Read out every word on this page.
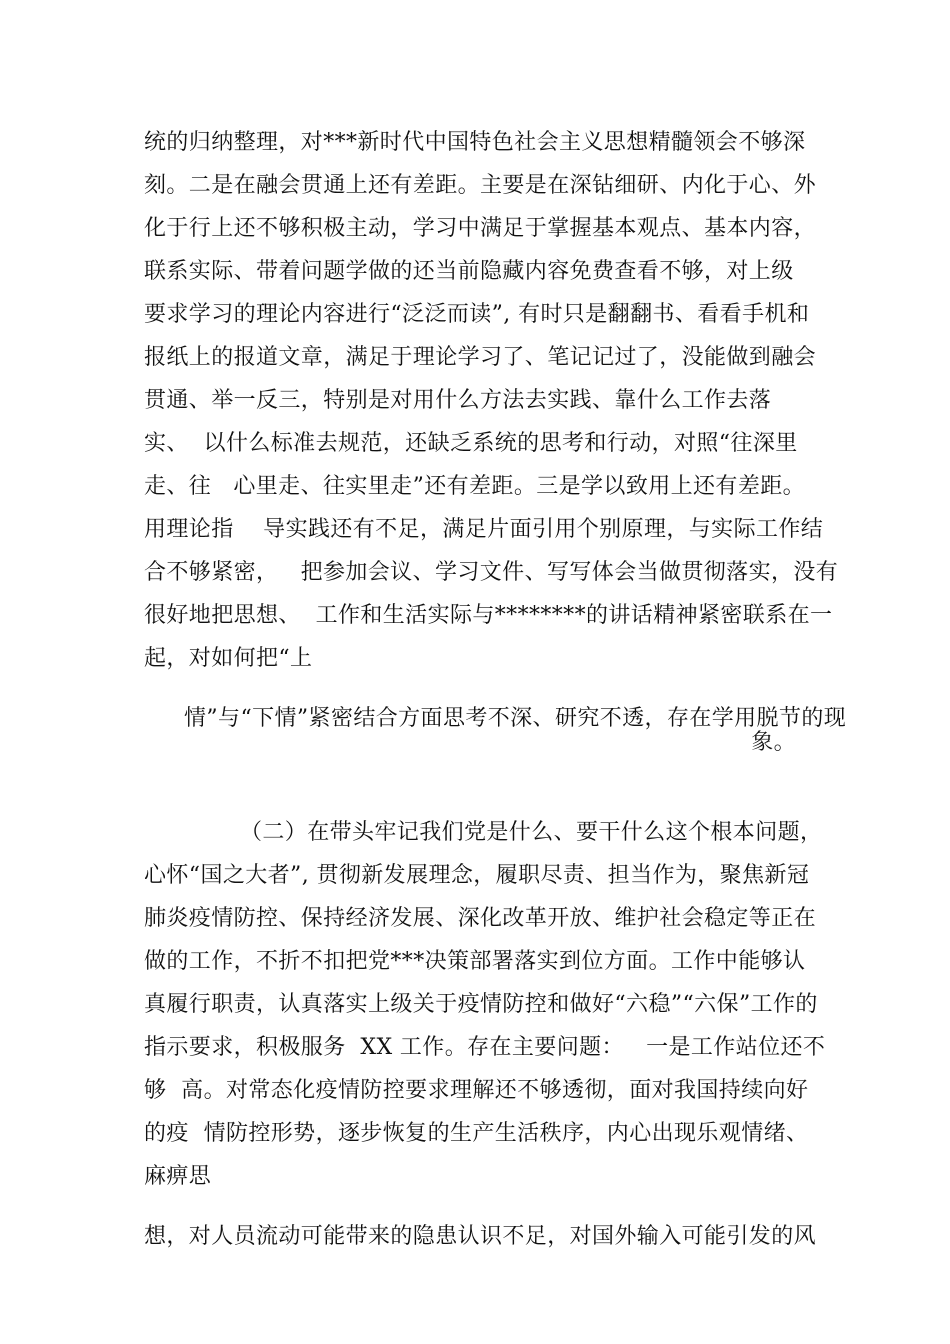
统的归纳整理，对***新时代中国特色社会主义思想精髓领会不够深
刻。二是在融会贯通上还有差距。主要是在深钻细研、内化于心、外
化于行上还不够积极主动，学习中满足于掌握基本观点、基本内容，
联系实际、带着问题学做的还当前隐藏内容免费查看不够，对上级
要求学习的理论内容进行“泛泛而读”, 有时只是翻翻书、看看手机和
报纸上的报道文章，满足于理论学习了、笔记记过了，没能做到融会
贯通、举一反三，特别是对用什么方法去实践、靠什么工作去落
实、  以什么标准去规范，还缺乏系统的思考和行动，对照“往深里
走、往   心里走、往实里走”还有差距。三是学以致用上还有差距。
用理论指    导实践还有不足，满足片面引用个别原理，与实际工作结
合不够紧密，   把参加会议、学习文件、写写体会当做贯彻落实，没有
很好地把思想、  工作和生活实际与********的讲话精神紧密联系在一
起，对如何把“上
情”与“下情”紧密结合方面思考不深、研究不透，存在学用脱节的现
象。
（二）在带头牢记我们党是什么、要干什么这个根本问题，
心怀“国之大者”, 贯彻新发展理念，履职尽责、担当作为，聚焦新冠
肺炎疫情防控、保持经济发展、深化改革开放、维护社会稳定等正在
做的工作，不折不扣把党***决策部署落实到位方面。工作中能够认
真履行职责，认真落实上级关于疫情防控和做好“六稳”“六保”工作的
指示要求，积极服务  XX 工作。存在主要问题：   一是工作站位还不
够  高。对常态化疫情防控要求理解还不够透彻，面对我国持续向好
的疫  情防控形势，逐步恢复的生产生活秩序，内心出现乐观情绪、
麻痹思
想，对人员流动可能带来的隐患认识不足，对国外输入可能引发的风
